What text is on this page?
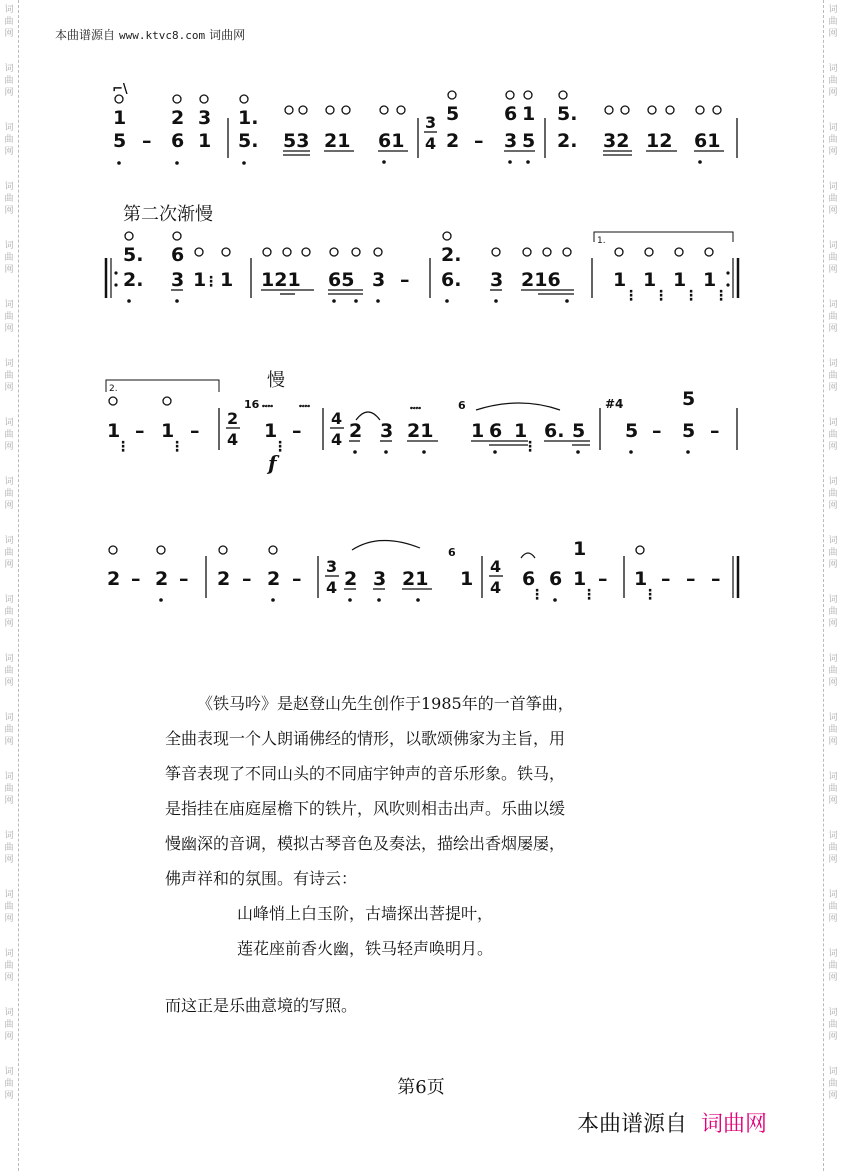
词
曲
网
词
曲
网
词
曲
网
词
曲
网
词
曲
网
词
曲
网
词
曲
网
词
曲
网
词
曲
网
词
曲
网
词
曲
网
词
曲
网
词
曲
网
词
曲
网
词
曲
网
词
曲
网
词
曲
网
词
曲
网
词
曲
网
词
曲
网
词
曲
网
词
曲
网
词
曲
网
词
曲
网
词
曲
网
词
曲
网
词
曲
网
词
曲
网
词
曲
网
词
曲
网
词
曲
网
词
曲
网
词
曲
网
词
曲
网
词
曲
网
词
曲
网
词
曲
网
词
曲
网
本曲谱源自 www.ktvc8.com 词曲网
⌐\
1
5 –
2
6
3
1
1.
5. 53 21 61
3
4
5
2 –
6 1
3 5
5.
2. 32 12 61
5.
2.
6
3 1
⋮ 1 121 65 3 –
2.
6. 3 216
1.
1 1 1 1
⋮ ⋮ ⋮ ⋮
2.
1
⋮
– 1
⋮
–
2
4
16 𝆗𝆗
1
⋮
–
𝆗𝆗
f
4
4 2 3
𝆗𝆗
21
6
1 6 1
⋮
6. 5
#4
5 –
5
5 –
2 – 2 – 2 – 2 –
3
4 2 3 21
6
1
4
4 6
⋮
6
1
1
⋮
– 1
⋮
– – –
第二次渐慢
慢

《铁马吟》是赵登山先生创作于1985年的一首筝曲，

全曲表现一个人朗诵佛经的情形，以歌颂佛家为主旨，用

筝音表现了不同山头的不同庙宇钟声的音乐形象。铁马，

是指挂在庙庭屋檐下的铁片，风吹则相击出声。乐曲以缓

慢幽深的音调，模拟古琴音色及奏法，描绘出香烟屡屡，

佛声祥和的氛围。有诗云：

山峰悄上白玉阶，古墙探出菩提叶，

莲花座前香火幽，铁马轻声唤明月。

而这正是乐曲意境的写照。

第6页
本曲谱源自 词曲网
